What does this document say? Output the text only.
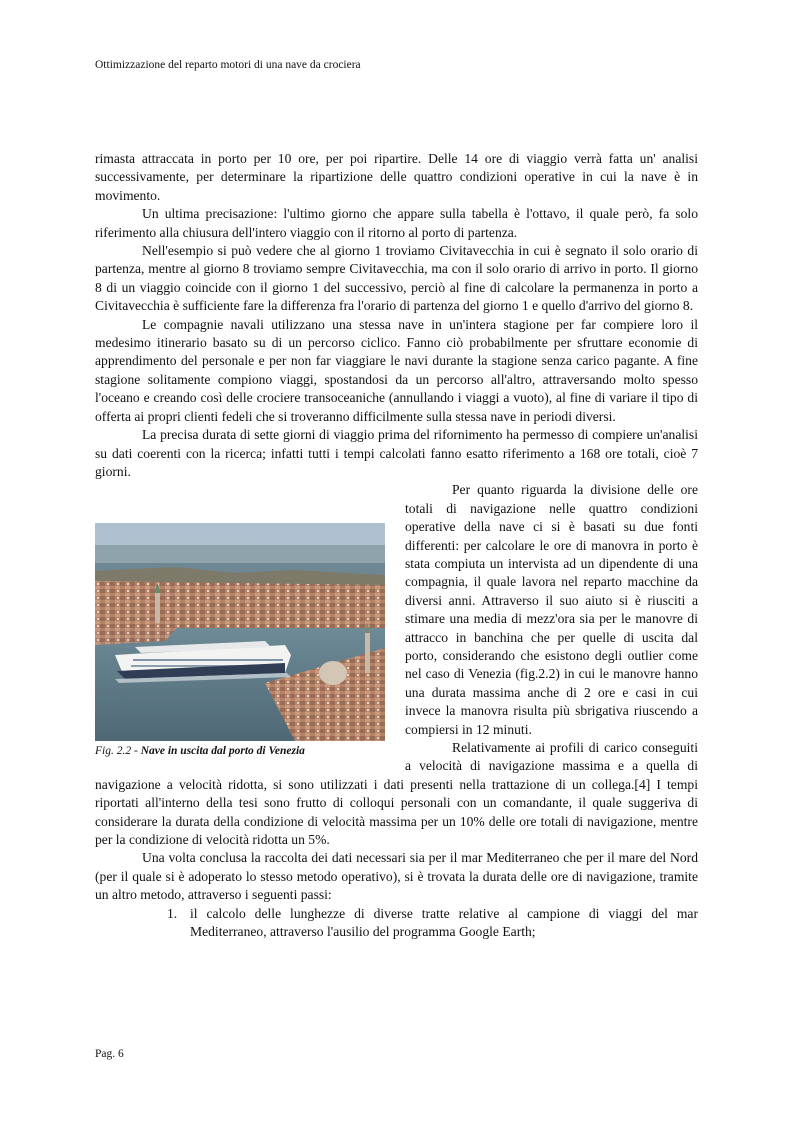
Ottimizzazione del reparto motori di una nave da crociera

rimasta attraccata in porto per 10 ore, per poi ripartire. Delle 14 ore di viaggio verrà fatta un' analisi successivamente, per determinare la ripartizione delle quattro condizioni operative in cui la nave è in movimento.

Un ultima precisazione: l'ultimo giorno che appare sulla tabella è l'ottavo, il quale però, fa solo riferimento alla chiusura dell'intero viaggio con il ritorno al porto di partenza.

Nell'esempio si può vedere che al giorno 1 troviamo Civitavecchia in cui è segnato il solo orario di partenza, mentre al giorno 8 troviamo sempre Civitavecchia, ma con il solo orario di arrivo in porto. Il giorno 8 di un viaggio coincide con il giorno 1 del successivo, perciò al fine di calcolare la permanenza in porto a Civitavecchia è sufficiente fare la differenza fra l'orario di partenza del giorno 1 e quello d'arrivo del giorno 8.

Le compagnie navali utilizzano una stessa nave in un'intera stagione per far compiere loro il medesimo itinerario basato su di un percorso ciclico. Fanno ciò probabilmente per sfruttare economie di apprendimento del personale e per non far viaggiare le navi durante la stagione senza carico pagante. A fine stagione solitamente compiono viaggi, spostandosi da un percorso all'altro, attraversando molto spesso l'oceano e creando così delle crociere transoceaniche (annullando i viaggi a vuoto), al fine di variare il tipo di offerta ai propri clienti fedeli che si troveranno difficilmente sulla stessa nave in periodi diversi.

La precisa durata di sette giorni di viaggio prima del rifornimento ha permesso di compiere un'analisi su dati coerenti con la ricerca; infatti tutti i tempi calcolati fanno esatto riferimento a 168 ore totali, cioè 7 giorni.

Fig. 2.2 - Nave in uscita dal porto di Venezia

Per quanto riguarda la divisione delle ore totali di navigazione nelle quattro condizioni operative della nave ci si è basati su due fonti differenti: per calcolare le ore di manovra in porto è stata compiuta un intervista ad un dipendente di una compagnia, il quale lavora nel reparto macchine da diversi anni. Attraverso il suo aiuto si è riusciti a stimare una media di mezz'ora sia per le manovre di attracco in banchina che per quelle di uscita dal porto, considerando che esistono degli outlier come nel caso di Venezia (fig.2.2) in cui le manovre hanno una durata massima anche di 2 ore e casi in cui invece la manovra risulta più sbrigativa riuscendo a compiersi in 12 minuti.

Relativamente ai profili di carico conseguiti a velocità di navigazione massima e a quella di navigazione a velocità ridotta, si sono utilizzati i dati presenti nella trattazione di un collega.[4] I tempi riportati all'interno della tesi sono frutto di colloqui personali con un comandante, il quale suggeriva di considerare la durata della condizione di velocità massima per un 10% delle ore totali di navigazione, mentre per la condizione di velocità ridotta un 5%.

Una volta conclusa la raccolta dei dati necessari sia per il mar Mediterraneo che per il mare del Nord (per il quale si è adoperato lo stesso metodo operativo), si è trovata la durata delle ore di navigazione, tramite un altro metodo, attraverso i seguenti passi:

1. il calcolo delle lunghezze di diverse tratte relative al campione di viaggi del mar Mediterraneo, attraverso l'ausilio del programma Google Earth;

Pag. 6
